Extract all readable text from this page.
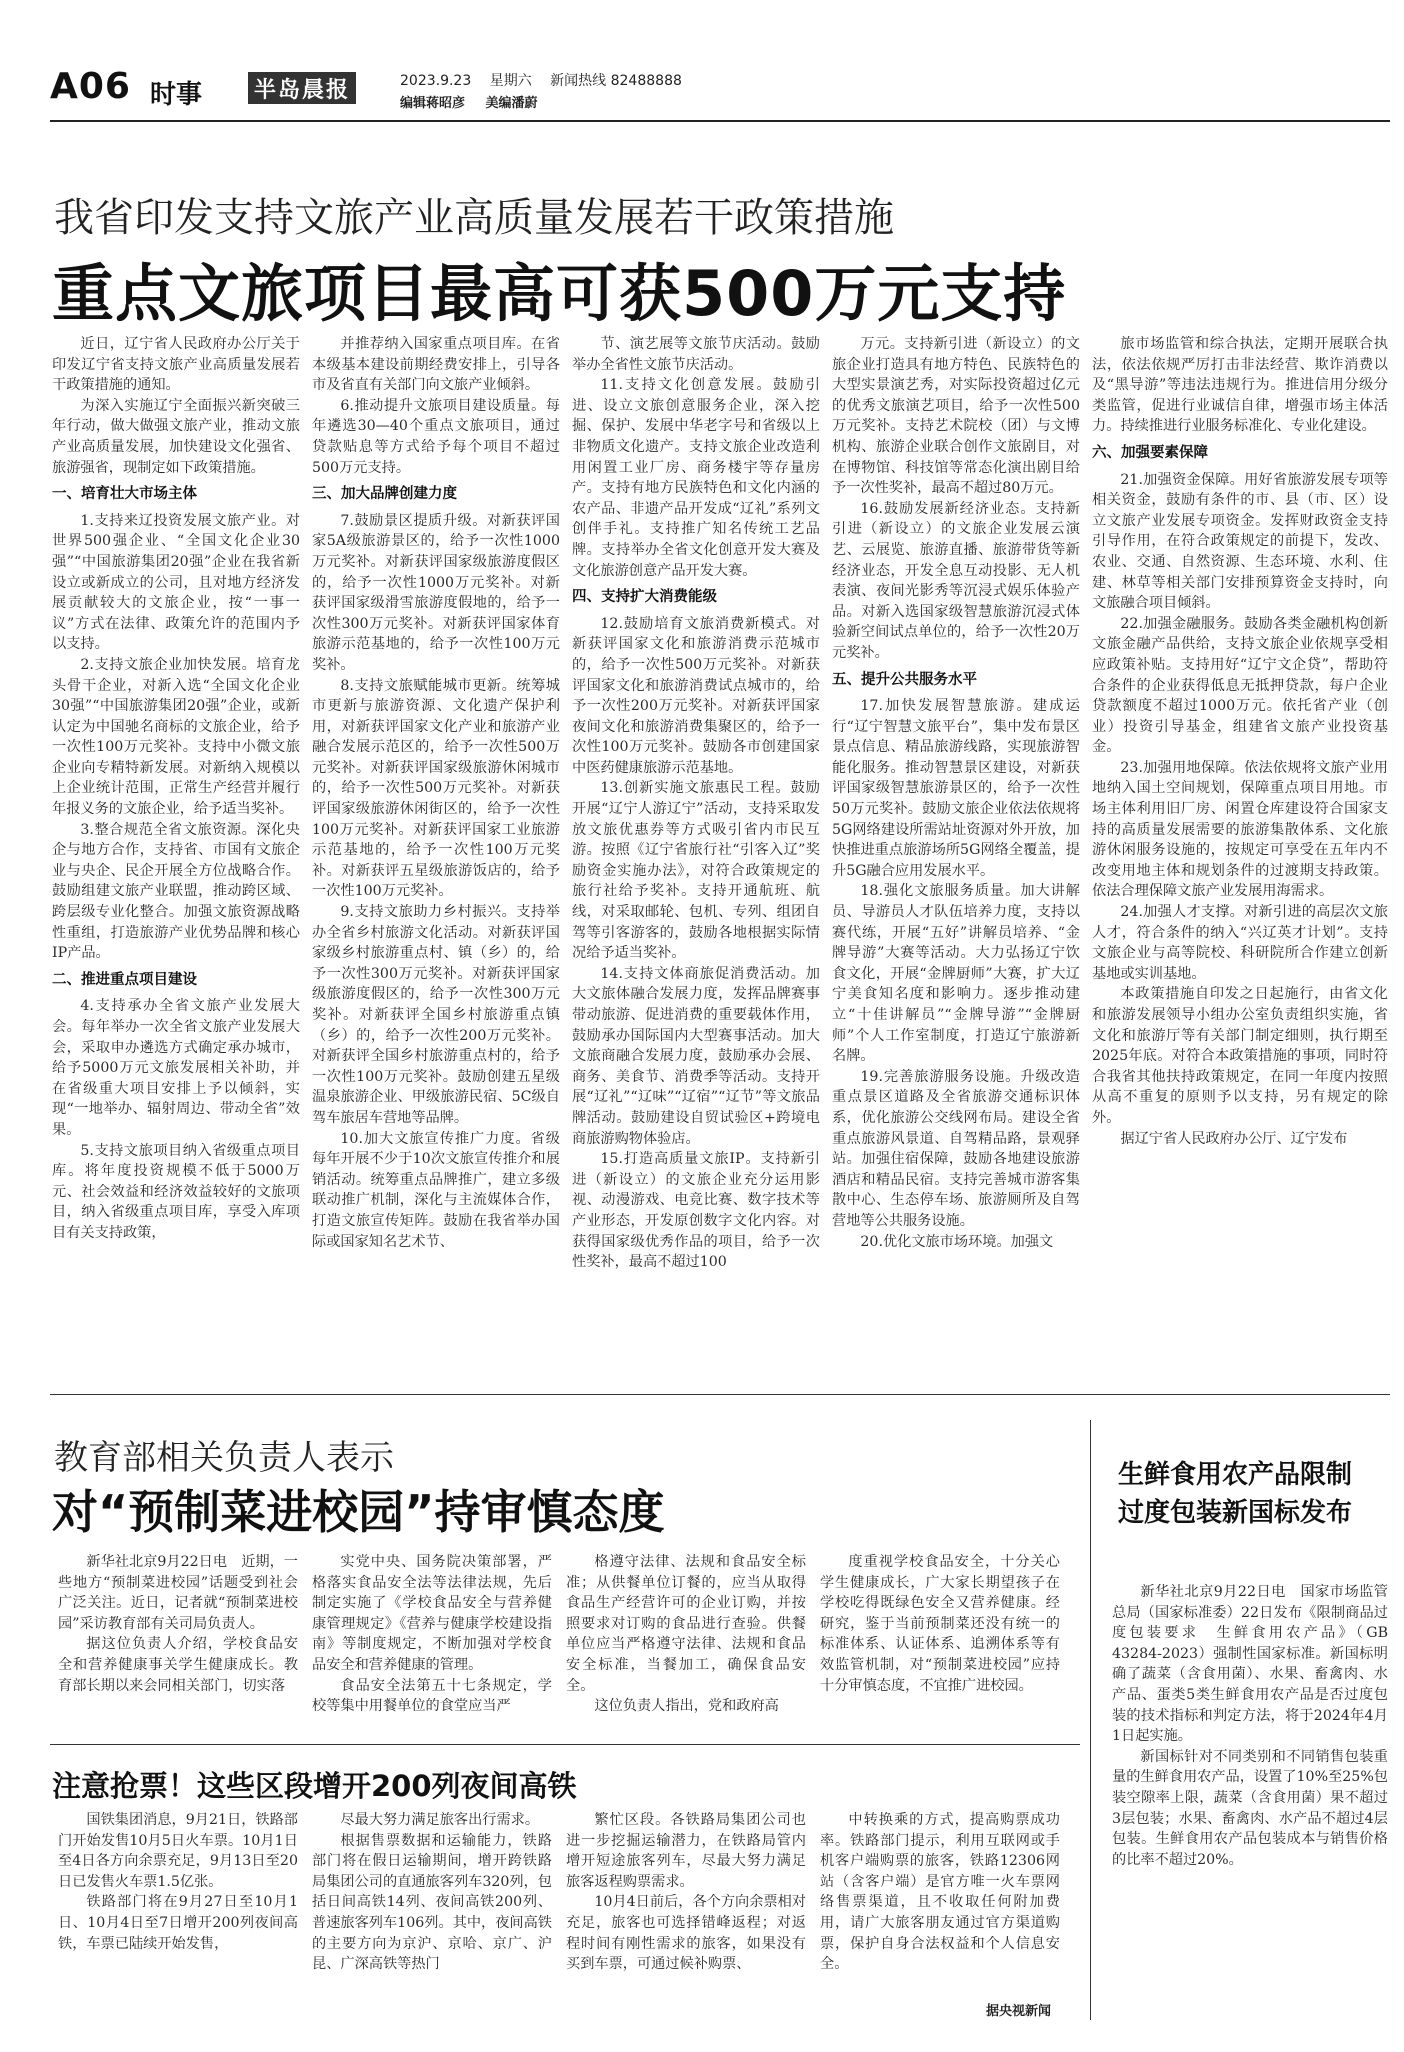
A06 时事 半岛晨报	2023.9.23 星期六 新闻热线 82488888
编辑蒋昭彦 美编潘蔚
我省印发支持文旅产业高质量发展若干政策措施
重点文旅项目最高可获500万元支持

近日，辽宁省人民政府办公厅关于印发辽宁省支持文旅产业高质量发展若干政策措施的通知。

为深入实施辽宁全面振兴新突破三年行动，做大做强文旅产业，推动文旅产业高质量发展，加快建设文化强省、旅游强省，现制定如下政策措施。

一、培育壮大市场主体

1.支持来辽投资发展文旅产业。对世界500强企业、“全国文化企业30强”“中国旅游集团20强”企业在我省新设立或新成立的公司，且对地方经济发展贡献较大的文旅企业，按“一事一议”方式在法律、政策允许的范围内予以支持。

2.支持文旅企业加快发展。培育龙头骨干企业，对新入选“全国文化企业30强”“中国旅游集团20强”企业，或新认定为中国驰名商标的文旅企业，给予一次性100万元奖补。支持中小微文旅企业向专精特新发展。对新纳入规模以上企业统计范围，正常生产经营并履行年报义务的文旅企业，给予适当奖补。

3.整合规范全省文旅资源。深化央企与地方合作，支持省、市国有文旅企业与央企、民企开展全方位战略合作。鼓励组建文旅产业联盟，推动跨区域、跨层级专业化整合。加强文旅资源战略性重组，打造旅游产业优势品牌和核心IP产品。

二、推进重点项目建设

4.支持承办全省文旅产业发展大会。每年举办一次全省文旅产业发展大会，采取申办遴选方式确定承办城市，给予5000万元文旅发展相关补助，并在省级重大项目安排上予以倾斜，实现“一地举办、辐射周边、带动全省”效果。

5.支持文旅项目纳入省级重点项目库。将年度投资规模不低于5000万元、社会效益和经济效益较好的文旅项目，纳入省级重点项目库，享受入库项目有关支持政策，

并推荐纳入国家重点项目库。在省本级基本建设前期经费安排上，引导各市及省直有关部门向文旅产业倾斜。

6.推动提升文旅项目建设质量。每年遴选30—40个重点文旅项目，通过贷款贴息等方式给予每个项目不超过500万元支持。

三、加大品牌创建力度

7.鼓励景区提质升级。对新获评国家5A级旅游景区的，给予一次性1000万元奖补。对新获评国家级旅游度假区的，给予一次性1000万元奖补。对新获评国家级滑雪旅游度假地的，给予一次性300万元奖补。对新获评国家体育旅游示范基地的，给予一次性100万元奖补。

8.支持文旅赋能城市更新。统筹城市更新与旅游资源、文化遗产保护利用，对新获评国家文化产业和旅游产业融合发展示范区的，给予一次性500万元奖补。对新获评国家级旅游休闲城市的，给予一次性500万元奖补。对新获评国家级旅游休闲街区的，给予一次性100万元奖补。对新获评国家工业旅游示范基地的，给予一次性100万元奖补。对新获评五星级旅游饭店的，给予一次性100万元奖补。

9.支持文旅助力乡村振兴。支持举办全省乡村旅游文化活动。对新获评国家级乡村旅游重点村、镇（乡）的，给予一次性300万元奖补。对新获评国家级旅游度假区的，给予一次性300万元奖补。对新获评全国乡村旅游重点镇（乡）的，给予一次性200万元奖补。对新获评全国乡村旅游重点村的，给予一次性100万元奖补。鼓励创建五星级温泉旅游企业、甲级旅游民宿、5C级自驾车旅居车营地等品牌。

10.加大文旅宣传推广力度。省级每年开展不少于10次文旅宣传推介和展销活动。统筹重点品牌推广，建立多级联动推广机制，深化与主流媒体合作，打造文旅宣传矩阵。鼓励在我省举办国际或国家知名艺术节、

节、演艺展等文旅节庆活动。鼓励举办全省性文旅节庆活动。

11.支持文化创意发展。鼓励引进、设立文旅创意服务企业，深入挖掘、保护、发展中华老字号和省级以上非物质文化遗产。支持文旅企业改造利用闲置工业厂房、商务楼宇等存量房产。支持有地方民族特色和文化内涵的农产品、非遗产品开发成“辽礼”系列文创伴手礼。支持推广知名传统工艺品牌。支持举办全省文化创意开发大赛及文化旅游创意产品开发大赛。

四、支持扩大消费能级

12.鼓励培育文旅消费新模式。对新获评国家文化和旅游消费示范城市的，给予一次性500万元奖补。对新获评国家文化和旅游消费试点城市的，给予一次性200万元奖补。对新获评国家夜间文化和旅游消费集聚区的，给予一次性100万元奖补。鼓励各市创建国家中医药健康旅游示范基地。

13.创新实施文旅惠民工程。鼓励开展“辽宁人游辽宁”活动，支持采取发放文旅优惠券等方式吸引省内市民互游。按照《辽宁省旅行社“引客入辽”奖励资金实施办法》，对符合政策规定的旅行社给予奖补。支持开通航班、航线，对采取邮轮、包机、专列、组团自驾等引客游客的，鼓励各地根据实际情况给予适当奖补。

14.支持文体商旅促消费活动。加大文旅体融合发展力度，发挥品牌赛事带动旅游、促进消费的重要载体作用，鼓励承办国际国内大型赛事活动。加大文旅商融合发展力度，鼓励承办会展、商务、美食节、消费季等活动。支持开展“辽礼”“辽味”“辽宿”“辽节”等文旅品牌活动。鼓励建设自贸试验区+跨境电商旅游购物体验店。

15.打造高质量文旅IP。支持新引进（新设立）的文旅企业充分运用影视、动漫游戏、电竞比赛、数字技术等产业形态，开发原创数字文化内容。对获得国家级优秀作品的项目，给予一次性奖补，最高不超过100

万元。支持新引进（新设立）的文旅企业打造具有地方特色、民族特色的大型实景演艺秀，对实际投资超过亿元的优秀文旅演艺项目，给予一次性500万元奖补。支持艺术院校（团）与文博机构、旅游企业联合创作文旅剧目，对在博物馆、科技馆等常态化演出剧目给予一次性奖补，最高不超过80万元。

16.鼓励发展新经济业态。支持新引进（新设立）的文旅企业发展云演艺、云展览、旅游直播、旅游带货等新经济业态，开发全息互动投影、无人机表演、夜间光影秀等沉浸式娱乐体验产品。对新入选国家级智慧旅游沉浸式体验新空间试点单位的，给予一次性20万元奖补。

五、提升公共服务水平

17.加快发展智慧旅游。建成运行“辽宁智慧文旅平台”，集中发布景区景点信息、精品旅游线路，实现旅游智能化服务。推动智慧景区建设，对新获评国家级智慧旅游景区的，给予一次性50万元奖补。鼓励文旅企业依法依规将5G网络建设所需站址资源对外开放，加快推进重点旅游场所5G网络全覆盖，提升5G融合应用发展水平。

18.强化文旅服务质量。加大讲解员、导游员人才队伍培养力度，支持以赛代练，开展“五好”讲解员培养、“金牌导游”大赛等活动。大力弘扬辽宁饮食文化，开展“金牌厨师”大赛，扩大辽宁美食知名度和影响力。逐步推动建立“十佳讲解员”“金牌导游”“金牌厨师”个人工作室制度，打造辽宁旅游新名牌。

19.完善旅游服务设施。升级改造重点景区道路及全省旅游交通标识体系，优化旅游公交线网布局。建设全省重点旅游风景道、自驾精品路，景观驿站。加强住宿保障，鼓励各地建设旅游酒店和精品民宿。支持完善城市游客集散中心、生态停车场、旅游厕所及自驾营地等公共服务设施。

20.优化文旅市场环境。加强文

旅市场监管和综合执法，定期开展联合执法，依法依规严厉打击非法经营、欺诈消费以及“黑导游”等违法违规行为。推进信用分级分类监管，促进行业诚信自律，增强市场主体活力。持续推进行业服务标准化、专业化建设。

六、加强要素保障

21.加强资金保障。用好省旅游发展专项等相关资金，鼓励有条件的市、县（市、区）设立文旅产业发展专项资金。发挥财政资金支持引导作用，在符合政策规定的前提下，发改、农业、交通、自然资源、生态环境、水利、住建、林草等相关部门安排预算资金支持时，向文旅融合项目倾斜。

22.加强金融服务。鼓励各类金融机构创新文旅金融产品供给，支持文旅企业依规享受相应政策补贴。支持用好“辽宁文企贷”，帮助符合条件的企业获得低息无抵押贷款，每户企业贷款额度不超过1000万元。依托省产业（创业）投资引导基金，组建省文旅产业投资基金。

23.加强用地保障。依法依规将文旅产业用地纳入国土空间规划，保障重点项目用地。市场主体利用旧厂房、闲置仓库建设符合国家支持的高质量发展需要的旅游集散体系、文化旅游休闲服务设施的，按规定可享受在五年内不改变用地主体和规划条件的过渡期支持政策。依法合理保障文旅产业发展用海需求。

24.加强人才支撑。对新引进的高层次文旅人才，符合条件的纳入“兴辽英才计划”。支持文旅企业与高等院校、科研院所合作建立创新基地或实训基地。

本政策措施自印发之日起施行，由省文化和旅游发展领导小组办公室负责组织实施，省文化和旅游厅等有关部门制定细则，执行期至2025年底。对符合本政策措施的事项，同时符合我省其他扶持政策规定，在同一年度内按照从高不重复的原则予以支持，另有规定的除外。

据辽宁省人民政府办公厅、辽宁发布

教育部相关负责人表示
对“预制菜进校园”持审慎态度

新华社北京9月22日电　近期，一些地方“预制菜进校园”话题受到社会广泛关注。近日，记者就“预制菜进校园”采访教育部有关司局负责人。

据这位负责人介绍，学校食品安全和营养健康事关学生健康成长。教育部长期以来会同相关部门，切实落

实党中央、国务院决策部署，严格落实食品安全法等法律法规，先后制定实施了《学校食品安全与营养健康管理规定》《营养与健康学校建设指南》等制度规定，不断加强对学校食品安全和营养健康的管理。

食品安全法第五十七条规定，学校等集中用餐单位的食堂应当严

格遵守法律、法规和食品安全标准；从供餐单位订餐的，应当从取得食品生产经营许可的企业订购，并按照要求对订购的食品进行查验。供餐单位应当严格遵守法律、法规和食品安全标准，当餐加工，确保食品安全。

这位负责人指出，党和政府高

度重视学校食品安全，十分关心学生健康成长，广大家长期望孩子在学校吃得既绿色安全又营养健康。经研究，鉴于当前预制菜还没有统一的标准体系、认证体系、追溯体系等有效监管机制，对“预制菜进校园”应持十分审慎态度，不宜推广进校园。

生鲜食用农产品限制过度包装新国标发布

新华社北京9月22日电　国家市场监管总局（国家标准委）22日发布《限制商品过度包装要求　生鲜食用农产品》（GB 43284-2023）强制性国家标准。新国标明确了蔬菜（含食用菌）、水果、畜禽肉、水产品、蛋类5类生鲜食用农产品是否过度包装的技术指标和判定方法，将于2024年4月1日起实施。

新国标针对不同类别和不同销售包装重量的生鲜食用农产品，设置了10%至25%包装空隙率上限，蔬菜（含食用菌）果不超过3层包装；水果、畜禽肉、水产品不超过4层包装。生鲜食用农产品包装成本与销售价格的比率不超过20%。

注意抢票！这些区段增开200列夜间高铁

国铁集团消息，9月21日，铁路部门开始发售10月5日火车票。10月1日至4日各方向余票充足，9月13日至20日已发售火车票1.5亿张。

铁路部门将在9月27日至10月1日、10月4日至7日增开200列夜间高铁，车票已陆续开始发售，

尽最大努力满足旅客出行需求。

根据售票数据和运输能力，铁路部门将在假日运输期间，增开跨铁路局集团公司的直通旅客列车320列，包括日间高铁14列、夜间高铁200列、普速旅客列车106列。其中，夜间高铁的主要方向为京沪、京哈、京广、沪昆、广深高铁等热门

繁忙区段。各铁路局集团公司也进一步挖掘运输潜力，在铁路局管内增开短途旅客列车，尽最大努力满足旅客返程购票需求。

10月4日前后，各个方向余票相对充足，旅客也可选择错峰返程；对返程时间有刚性需求的旅客，如果没有买到车票，可通过候补购票、

中转换乘的方式，提高购票成功率。铁路部门提示，利用互联网或手机客户端购票的旅客，铁路12306网站（含客户端）是官方唯一火车票网络售票渠道，且不收取任何附加费用，请广大旅客朋友通过官方渠道购票，保护自身合法权益和个人信息安全。

据央视新闻
